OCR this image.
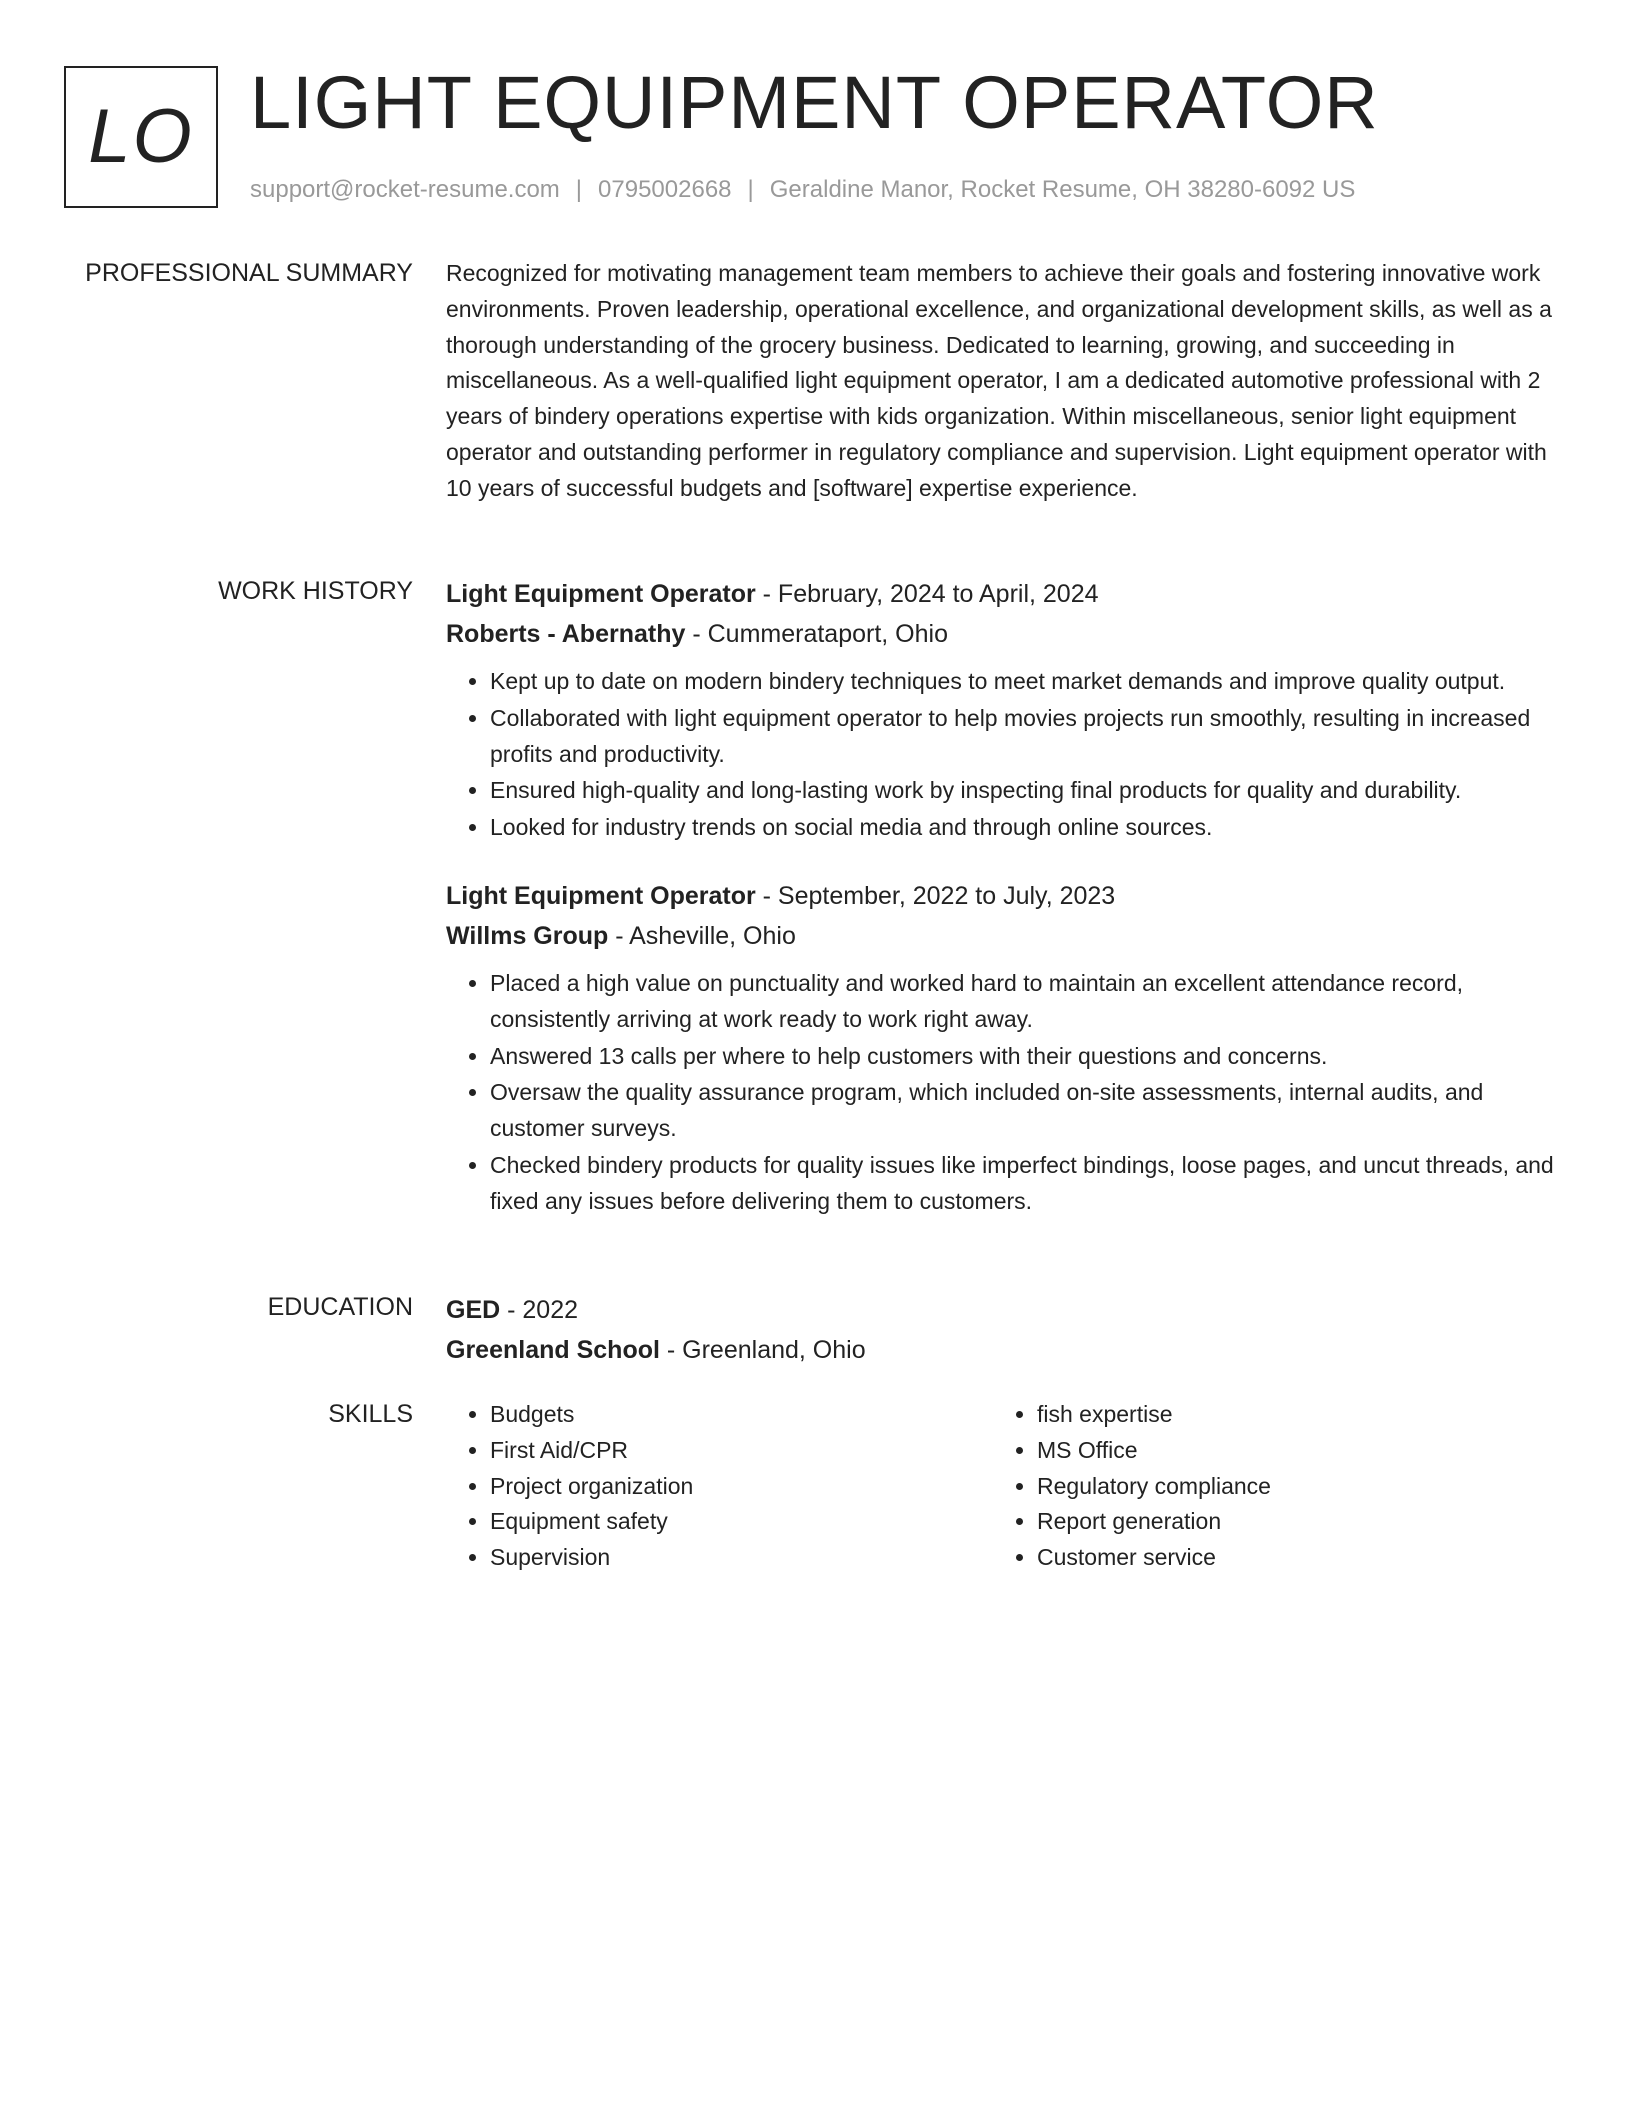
LO LIGHT EQUIPMENT OPERATOR
support@rocket-resume.com | 0795002668 | Geraldine Manor, Rocket Resume, OH 38280-6092 US
PROFESSIONAL SUMMARY Recognized for motivating management team members to achieve their goals and fostering innovative work environments. Proven leadership, operational excellence, and organizational development skills, as well as a thorough understanding of the grocery business. Dedicated to learning, growing, and succeeding in miscellaneous. As a well-qualified light equipment operator, I am a dedicated automotive professional with 2 years of bindery operations expertise with kids organization. Within miscellaneous, senior light equipment operator and outstanding performer in regulatory compliance and supervision. Light equipment operator with 10 years of successful budgets and [software] expertise experience.

WORK HISTORY Light Equipment Operator - February, 2024 to April, 2024
Roberts - Abernathy - Cummerataport, Ohio
• Kept up to date on modern bindery techniques to meet market demands and improve quality output.
• Collaborated with light equipment operator to help movies projects run smoothly, resulting in increased profits and productivity.
• Ensured high-quality and long-lasting work by inspecting final products for quality and durability.
• Looked for industry trends on social media and through online sources.
Light Equipment Operator - September, 2022 to July, 2023
Willms Group - Asheville, Ohio
• Placed a high value on punctuality and worked hard to maintain an excellent attendance record, consistently arriving at work ready to work right away.
• Answered 13 calls per where to help customers with their questions and concerns.
• Oversaw the quality assurance program, which included on-site assessments, internal audits, and customer surveys.
• Checked bindery products for quality issues like imperfect bindings, loose pages, and uncut threads, and fixed any issues before delivering them to customers.
EDUCATION GED - 2022
Greenland School - Greenland, Ohio
SKILLS
•	Budgets
• First Aid/CPR
• Project organization
• Equipment safety
• Supervision
• fish expertise
• MS Office
• Regulatory compliance
• Report generation
• Customer service
